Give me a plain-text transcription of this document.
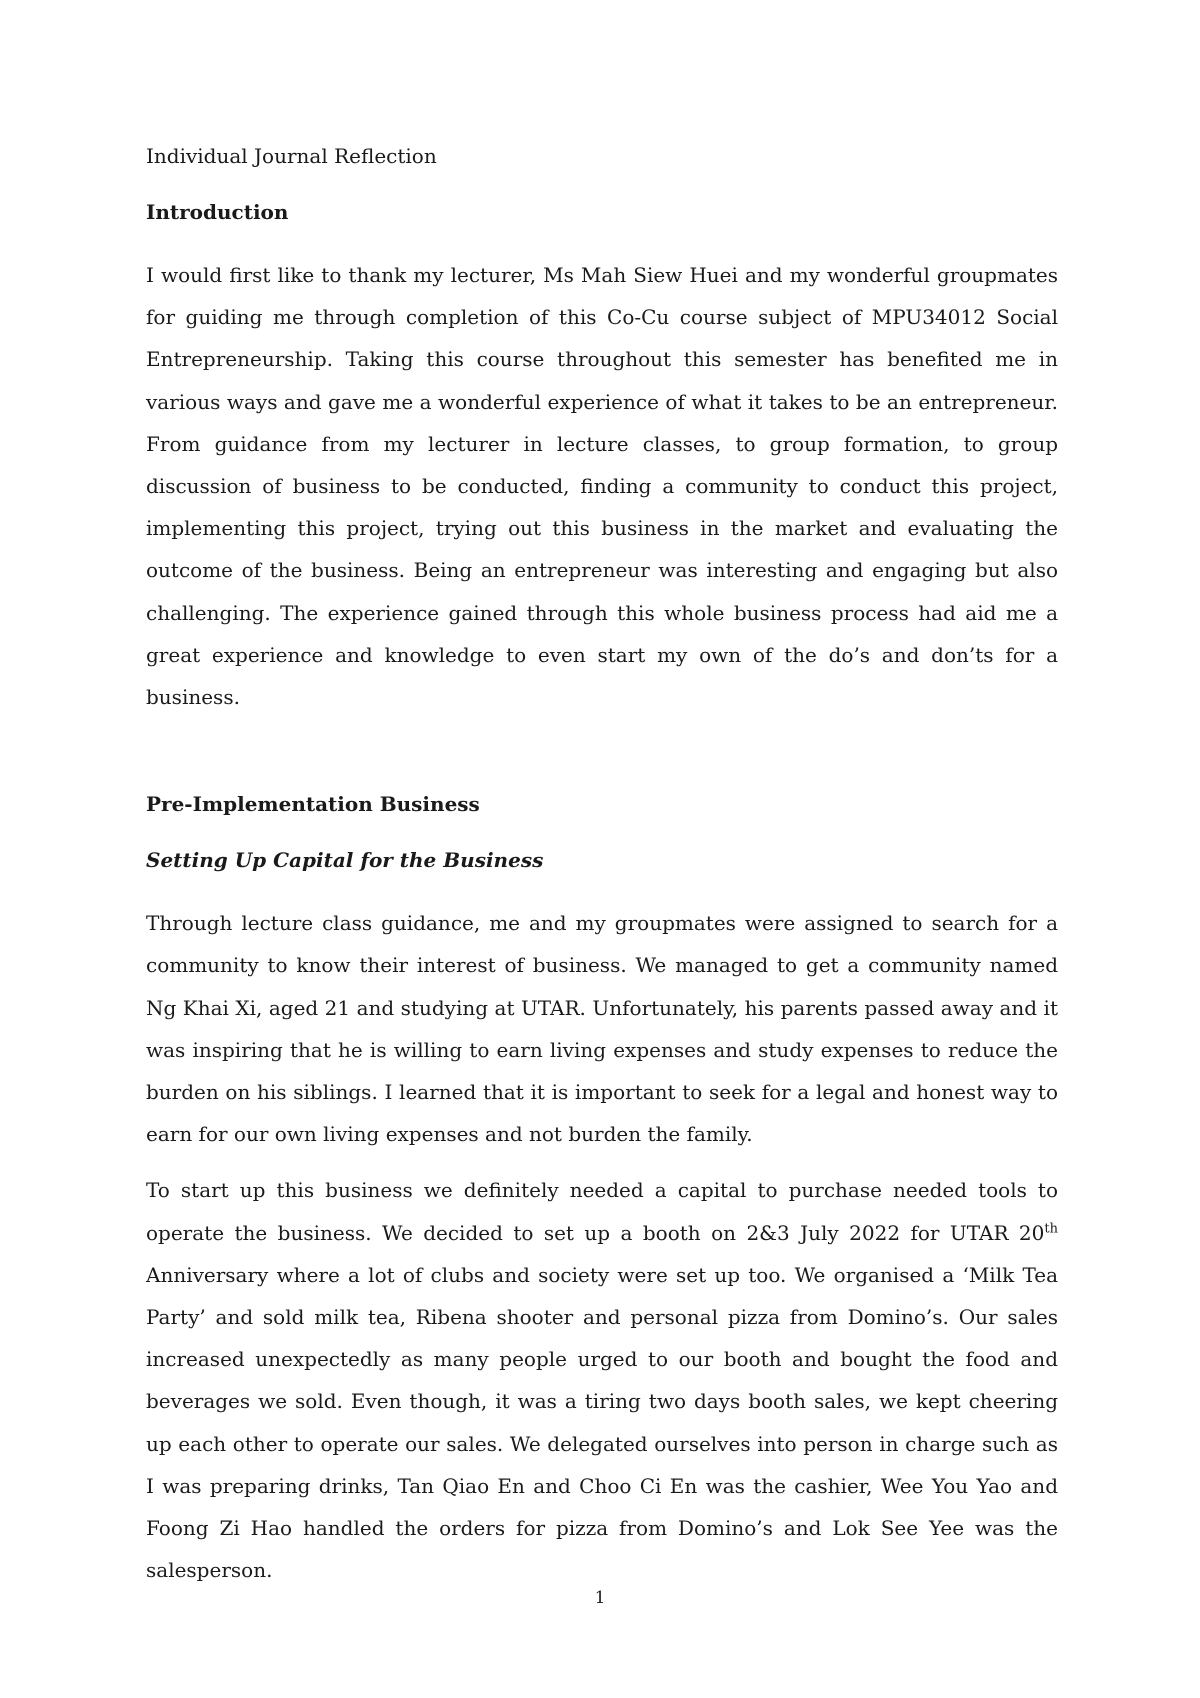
Individual Journal Reflection

Introduction

I would first like to thank my lecturer, Ms Mah Siew Huei and my wonderful groupmates for guiding me through completion of this Co-Cu course subject of MPU34012 Social Entrepreneurship. Taking this course throughout this semester has benefited me in various ways and gave me a wonderful experience of what it takes to be an entrepreneur. From guidance from my lecturer in lecture classes, to group formation, to group discussion of business to be conducted, finding a community to conduct this project, implementing this project, trying out this business in the market and evaluating the outcome of the business. Being an entrepreneur was interesting and engaging but also challenging. The experience gained through this whole business process had aid me a great experience and knowledge to even start my own of the do’s and don’ts for a business.

Pre-Implementation Business

Setting Up Capital for the Business

Through lecture class guidance, me and my groupmates were assigned to search for a community to know their interest of business. We managed to get a community named Ng Khai Xi, aged 21 and studying at UTAR. Unfortunately, his parents passed away and it was inspiring that he is willing to earn living expenses and study expenses to reduce the burden on his siblings. I learned that it is important to seek for a legal and honest way to earn for our own living expenses and not burden the family.

To start up this business we definitely needed a capital to purchase needed tools to operate the business. We decided to set up a booth on 2&3 July 2022 for UTAR 20th Anniversary where a lot of clubs and society were set up too. We organised a ‘Milk Tea Party’ and sold milk tea, Ribena shooter and personal pizza from Domino’s. Our sales increased unexpectedly as many people urged to our booth and bought the food and beverages we sold. Even though, it was a tiring two days booth sales, we kept cheering up each other to operate our sales. We delegated ourselves into person in charge such as I was preparing drinks, Tan Qiao En and Choo Ci En was the cashier, Wee You Yao and Foong Zi Hao handled the orders for pizza from Domino’s and Lok See Yee was the salesperson.

1
